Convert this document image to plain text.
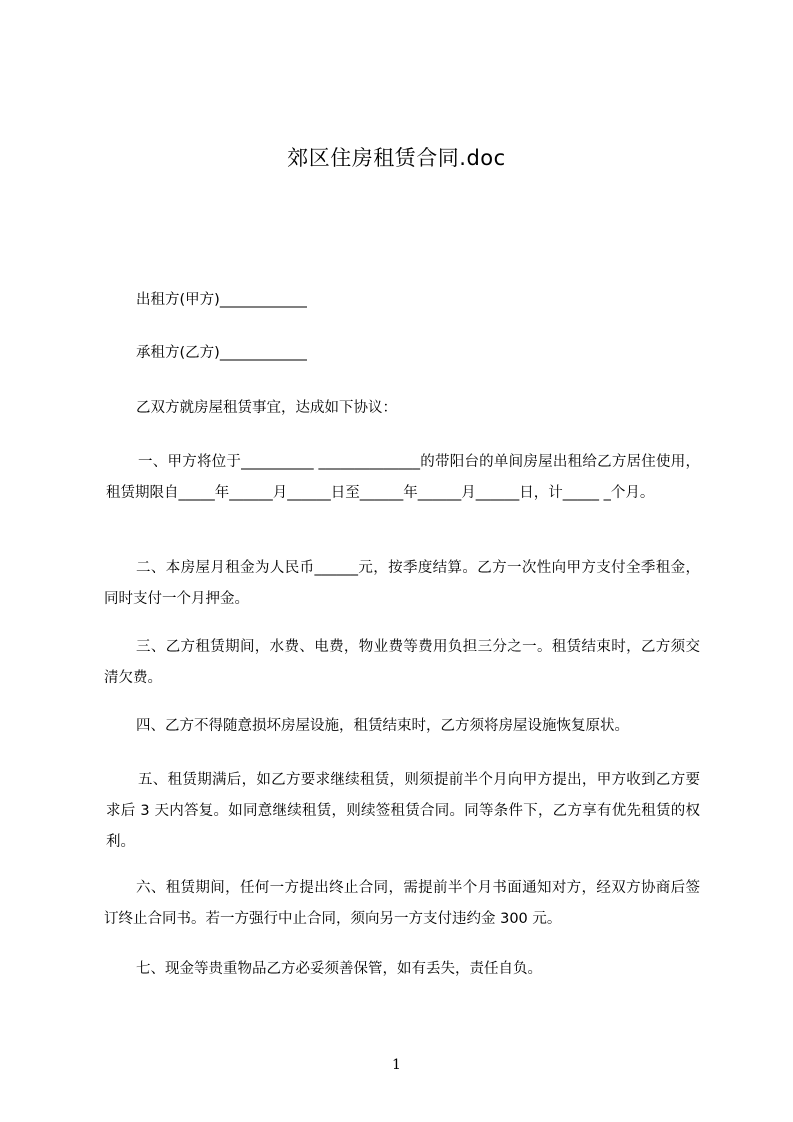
郊区住房租赁合同.doc
出租方(甲方)____________
承租方(乙方)____________
乙双方就房屋租赁事宜，达成如下协议：
一、甲方将位于__________ ______________的带阳台的单间房屋出租给乙方居住使用，租赁期限自_____年______月______日至______年______月______日，计_____ _个月。
二、本房屋月租金为人民币______元，按季度结算。乙方一次性向甲方支付全季租金，同时支付一个月押金。
三、乙方租赁期间，水费、电费，物业费等费用负担三分之一。租赁结束时，乙方须交清欠费。
四、乙方不得随意损坏房屋设施，租赁结束时，乙方须将房屋设施恢复原状。
五、租赁期满后，如乙方要求继续租赁，则须提前半个月向甲方提出，甲方收到乙方要求后 3 天内答复。如同意继续租赁，则续签租赁合同。同等条件下，乙方享有优先租赁的权利。
六、租赁期间，任何一方提出终止合同，需提前半个月书面通知对方，经双方协商后签订终止合同书。若一方强行中止合同，须向另一方支付违约金 300 元。
七、现金等贵重物品乙方必妥须善保管，如有丢失，责任自负。
1
